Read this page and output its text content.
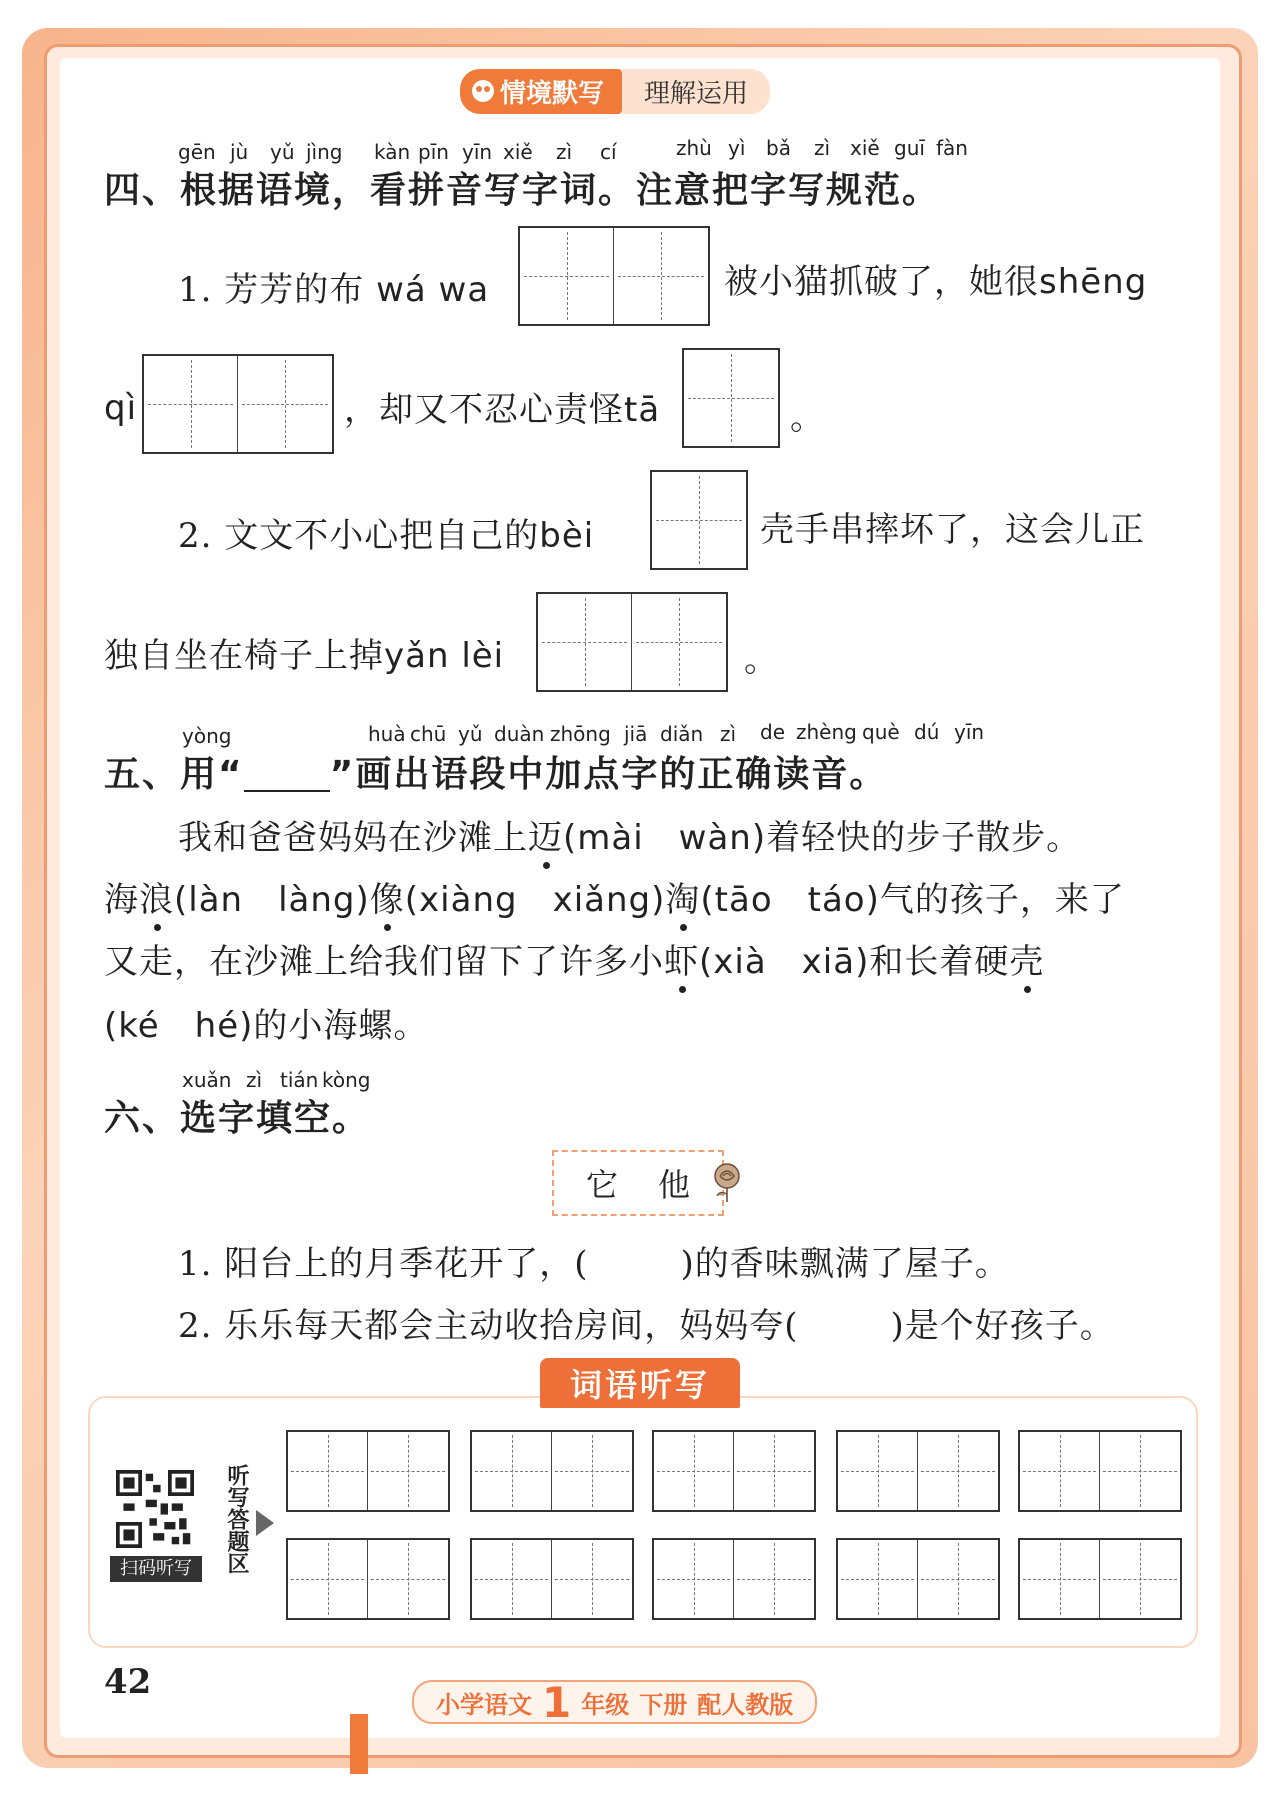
情境默写	理解运用
gēn jù yǔ jìng kàn pīn yīn xiě zì cí	zhù yì bǎ zì xiě guī fàn
四、根据语境，看拼音写字词。注意把字写规范。
1. 芳芳的布 wá wa	被小猫抓破了，她很shēng
qì	，却又不忍心责怪tā	。
2. 文文不小心把自己的bèi	壳手串摔坏了，这会儿正
独自坐在椅子上掉yǎn lèi	。
yòng	huà chū yǔ duàn zhōng jiā diǎn zì de zhèng què dú yīn
五、用“ ”画出语段中加点字的正确读音。
我和爸爸妈妈在沙滩上迈(mài　wàn)着轻快的步子散步。
海浪(làn　làng)像(xiàng　xiǎng)淘(tāo　táo)气的孩子，来了
又走，在沙滩上给我们留下了许多小虾(xià　xiā)和长着硬壳
(ké　hé)的小海螺。
xuǎn zì tián kòng
六、选字填空。
它 他
1. 阳台上的月季花开了，(	)的香味飘满了屋子。
2. 乐乐每天都会主动收拾房间，妈妈夸(	)是个好孩子。
词语听写
扫码听写	听写答题区
42
小学语文 1 年级 下册 配人教版
